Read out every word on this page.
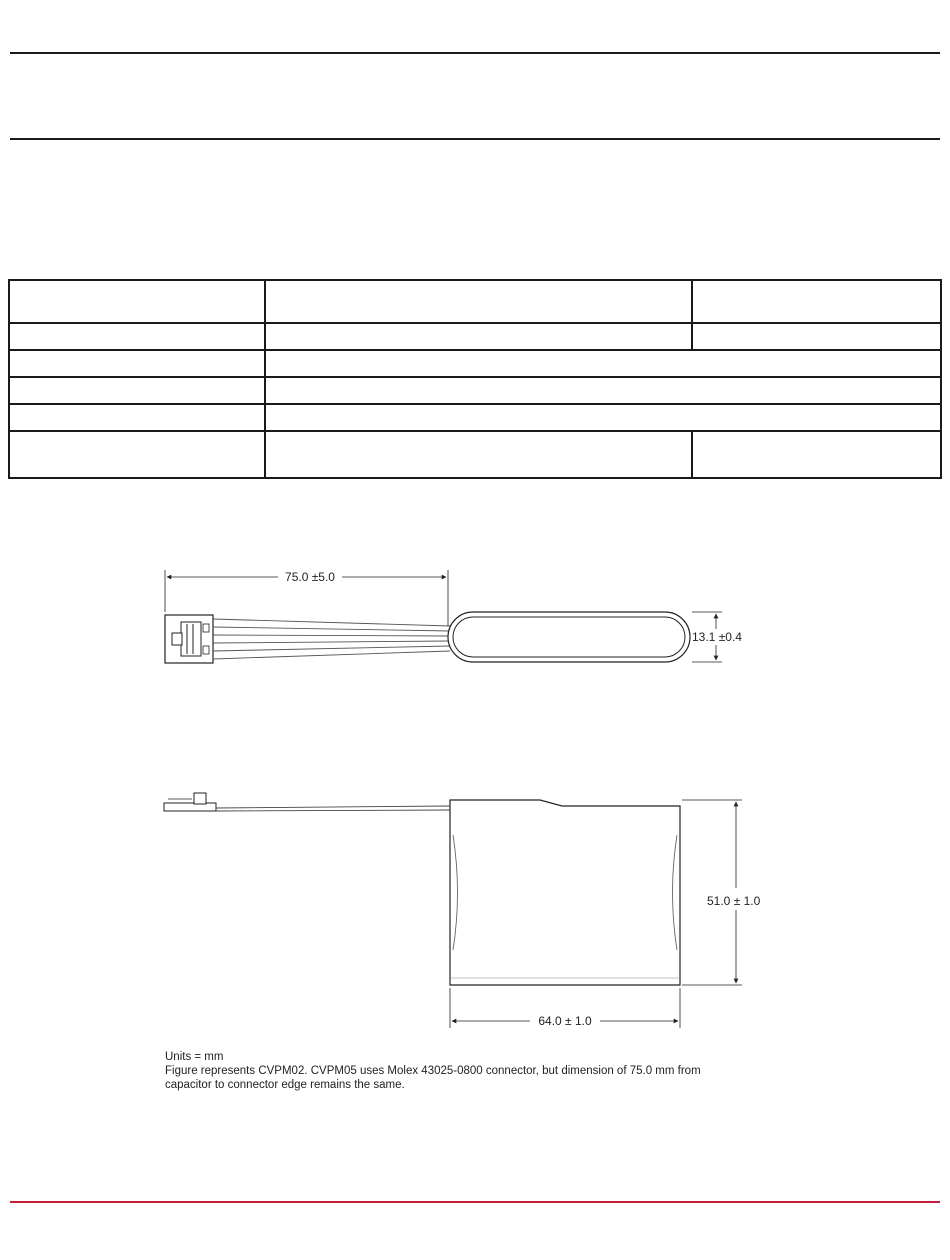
75.0 ±5.0
13.1 ±0.4
51.0 ± 1.0
64.0 ± 1.0

Units = mm

Figure represents CVPM02. CVPM05 uses Molex 43025-0800 connector, but dimension of 75.0 mm from

capacitor to connector edge remains the same.
